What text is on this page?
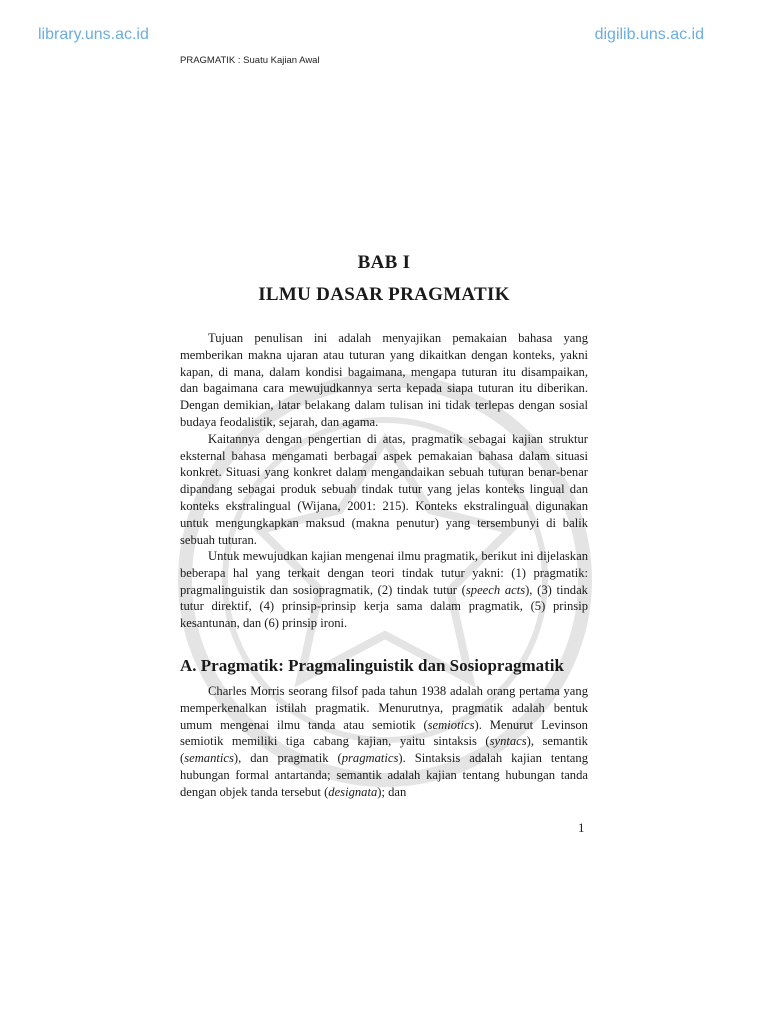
library.uns.ac.id	digilib.uns.ac.id
PRAGMATIK : Suatu Kajian Awal
BAB I
ILMU DASAR PRAGMATIK

Tujuan penulisan ini adalah menyajikan pemakaian bahasa yang memberikan makna ujaran atau tuturan yang dikaitkan dengan konteks, yakni kapan, di mana, dalam kondisi bagaimana, mengapa tuturan itu disampaikan, dan bagaimana cara mewujudkannya serta kepada siapa tuturan itu diberikan. Dengan demikian, latar belakang dalam tulisan ini tidak terlepas dengan sosial budaya feodalistik, sejarah, dan agama.

Kaitannya dengan pengertian di atas, pragmatik sebagai kajian struktur eksternal bahasa mengamati berbagai aspek pemakaian bahasa dalam situasi konkret. Situasi yang konkret dalam mengandaikan sebuah tuturan benar-benar dipandang sebagai produk sebuah tindak tutur yang jelas konteks lingual dan konteks ekstralingual (Wijana, 2001: 215). Konteks ekstralingual digunakan untuk mengungkapkan maksud (makna penutur) yang tersembunyi di balik sebuah tuturan.

Untuk mewujudkan kajian mengenai ilmu pragmatik, berikut ini dijelaskan beberapa hal yang terkait dengan teori tindak tutur yakni: (1) pragmatik: pragmalinguistik dan sosiopragmatik, (2) tindak tutur (speech acts), (3) tindak tutur direktif, (4) prinsip-prinsip kerja sama dalam pragmatik, (5) prinsip kesantunan, dan (6) prinsip ironi.

A. Pragmatik: Pragmalinguistik dan Sosiopragmatik

Charles Morris seorang filsof pada tahun 1938 adalah orang pertama yang memperkenalkan istilah pragmatik. Menurutnya, pragmatik adalah bentuk umum mengenai ilmu tanda atau semiotik (semiotics). Menurut Levinson semiotik memiliki tiga cabang kajian, yaitu sintaksis (syntacs), semantik (semantics), dan pragmatik (pragmatics). Sintaksis adalah kajian tentang hubungan formal antartanda; semantik adalah kajian tentang hubungan tanda dengan objek tanda tersebut (designata); dan

1
